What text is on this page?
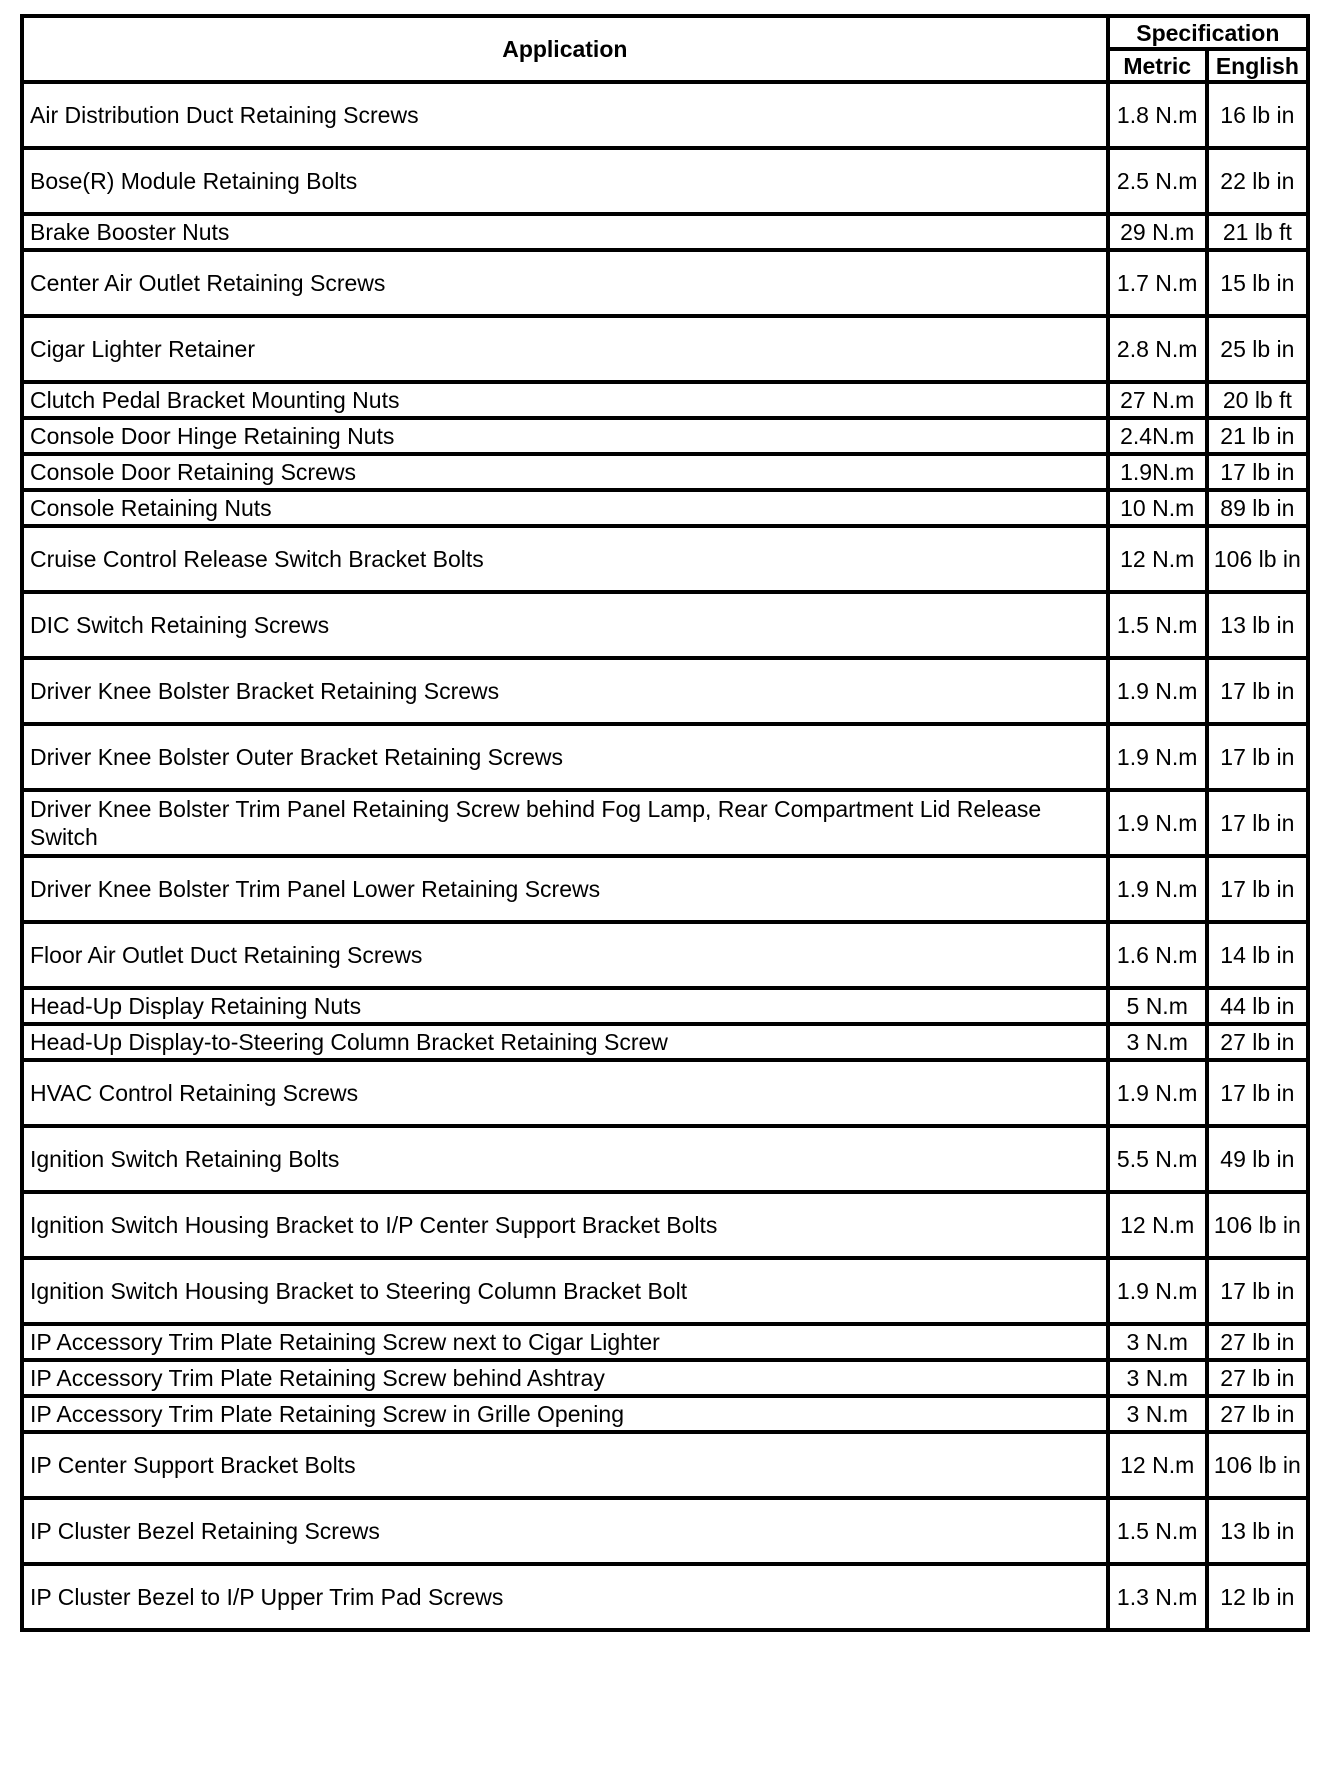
Application	Specification	
	Metric	English
Air Distribution Duct Retaining Screws	1.8 N.m	16 lb in
Bose(R) Module Retaining Bolts	2.5 N.m	22 lb in
Brake Booster Nuts	29 N.m	21 lb ft
Center Air Outlet Retaining Screws	1.7 N.m	15 lb in
Cigar Lighter Retainer	2.8 N.m	25 lb in
Clutch Pedal Bracket Mounting Nuts	27 N.m	20 lb ft
Console Door Hinge Retaining Nuts	2.4N.m	21 lb in
Console Door Retaining Screws	1.9N.m	17 lb in
Console Retaining Nuts	10 N.m	89 lb in
Cruise Control Release Switch Bracket Bolts	12 N.m	106 lb in
DIC Switch Retaining Screws	1.5 N.m	13 lb in
Driver Knee Bolster Bracket Retaining Screws	1.9 N.m	17 lb in
Driver Knee Bolster Outer Bracket Retaining Screws	1.9 N.m	17 lb in
Driver Knee Bolster Trim Panel Retaining Screw behind Fog Lamp, Rear Compartment Lid Release Switch	1.9 N.m	17 lb in
Driver Knee Bolster Trim Panel Lower Retaining Screws	1.9 N.m	17 lb in
Floor Air Outlet Duct Retaining Screws	1.6 N.m	14 lb in
Head-Up Display Retaining Nuts	5 N.m	44 lb in
Head-Up Display-to-Steering Column Bracket Retaining Screw	3 N.m	27 lb in
HVAC Control Retaining Screws	1.9 N.m	17 lb in
Ignition Switch Retaining Bolts	5.5 N.m	49 lb in
Ignition Switch Housing Bracket to I/P Center Support Bracket Bolts	12 N.m	106 lb in
Ignition Switch Housing Bracket to Steering Column Bracket Bolt	1.9 N.m	17 lb in
IP Accessory Trim Plate Retaining Screw next to Cigar Lighter	3 N.m	27 lb in
IP Accessory Trim Plate Retaining Screw behind Ashtray	3 N.m	27 lb in
IP Accessory Trim Plate Retaining Screw in Grille Opening	3 N.m	27 lb in
IP Center Support Bracket Bolts	12 N.m	106 lb in
IP Cluster Bezel Retaining Screws	1.5 N.m	13 lb in
IP Cluster Bezel to I/P Upper Trim Pad Screws	1.3 N.m	12 lb in
